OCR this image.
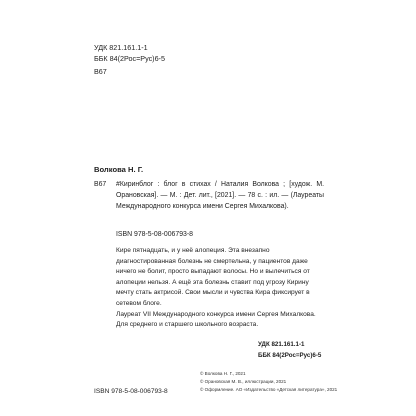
УДК 821.161.1-1
ББК 84(2Рос=Рус)6-5
В67
Волкова Н. Г.
В67 #Киринблог : блог в стихах / Наталия Волкова ; [худож. М. Орановская]. — М. : Дет. лит., [2021]. — 78 с. : ил. — (Лауреаты Международного конкурса имени Сергея Михалкова).
ISBN 978-5-08-006793-8

Кире пятнадцать, и у неё алопеция. Эта внезапно диагностированная болезнь не смертельна, у пациентов даже ничего не болит, просто выпадают волосы. Но и вылечиться от алопеции нельзя. А ещё эта болезнь ставит под угрозу Кирину мечту стать актрисой. Свои мысли и чувства Кира фиксирует в сетевом блоге.

Лауреат VII Международного конкурса имени Сергея Михалкова.

Для среднего и старшего школьного возраста.

УДК 821.161.1-1
ББК 84(2Рос=Рус)6-5
© Волкова Н. Г., 2021
© Орановская М. В., иллюстрации, 2021
© Оформление. АО «Издательство «Детская литература», 2021
ISBN 978-5-08-006793-8
